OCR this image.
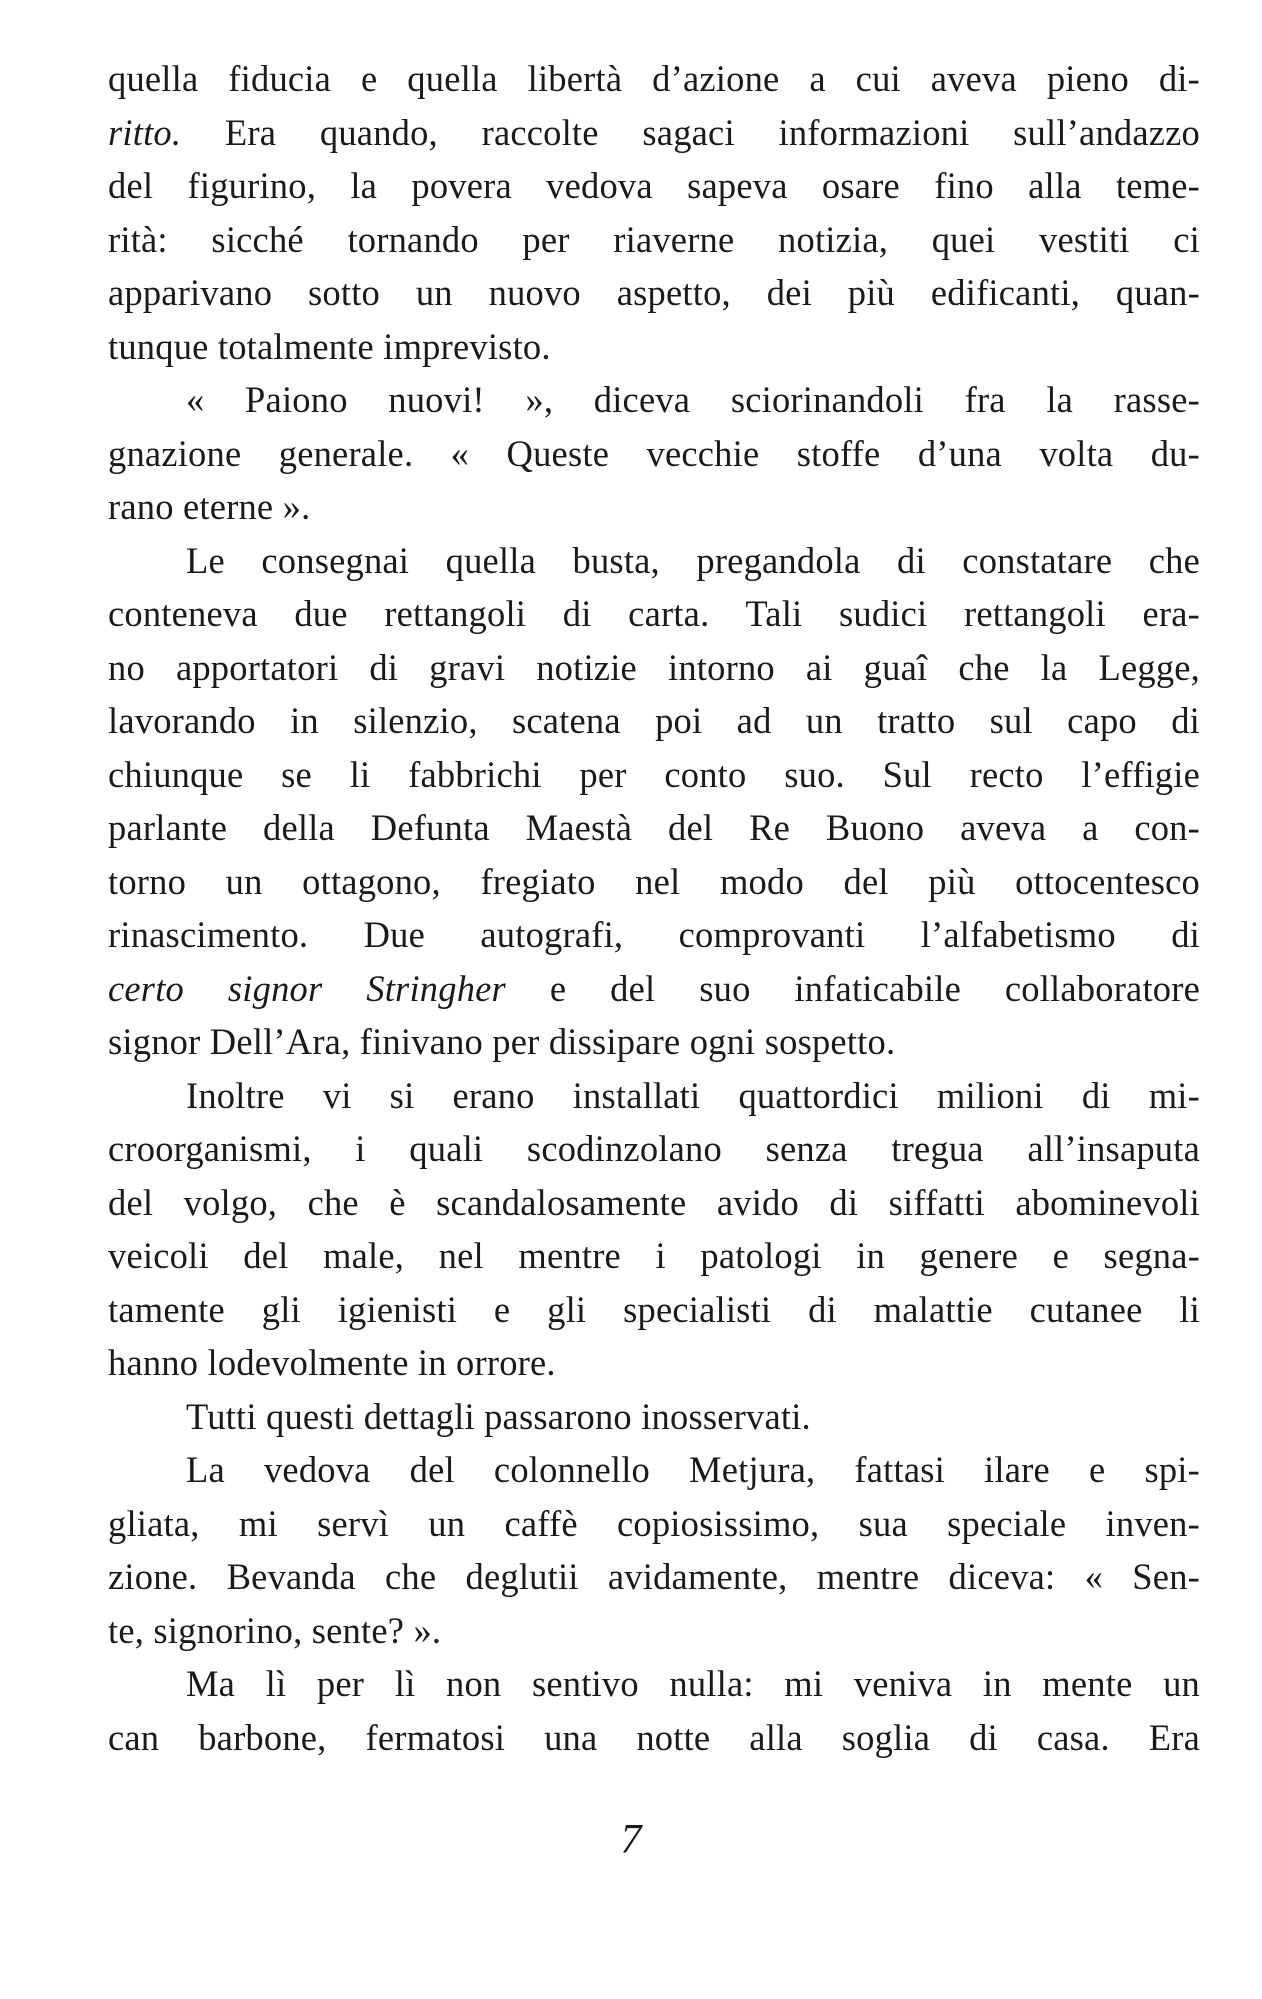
quella fiducia e quella libertà d’azione a cui aveva pieno di-
ritto. Era quando, raccolte sagaci informazioni sull’andazzo
del figurino, la povera vedova sapeva osare fino alla teme-
rità: sicché tornando per riaverne notizia, quei vestiti ci
apparivano sotto un nuovo aspetto, dei più edificanti, quan-
tunque totalmente imprevisto.
« Paiono nuovi! », diceva sciorinandoli fra la rasse-
gnazione generale. « Queste vecchie stoffe d’una volta du-
rano eterne ».
Le consegnai quella busta, pregandola di constatare che
conteneva due rettangoli di carta. Tali sudici rettangoli era-
no apportatori di gravi notizie intorno ai guaî che la Legge,
lavorando in silenzio, scatena poi ad un tratto sul capo di
chiunque se li fabbrichi per conto suo. Sul recto l’effigie
parlante della Defunta Maestà del Re Buono aveva a con-
torno un ottagono, fregiato nel modo del più ottocentesco
rinascimento. Due autografi, comprovanti l’alfabetismo di
certo signor Stringher e del suo infaticabile collaboratore
signor Dell’Ara, finivano per dissipare ogni sospetto.
Inoltre vi si erano installati quattordici milioni di mi-
croorganismi, i quali scodinzolano senza tregua all’insaputa
del volgo, che è scandalosamente avido di siffatti abominevoli
veicoli del male, nel mentre i patologi in genere e segna-
tamente gli igienisti e gli specialisti di malattie cutanee li
hanno lodevolmente in orrore.
Tutti questi dettagli passarono inosservati.
La vedova del colonnello Metjura, fattasi ilare e spi-
gliata, mi servì un caffè copiosissimo, sua speciale inven-
zione. Bevanda che deglutii avidamente, mentre diceva: « Sen-
te, signorino, sente? ».
Ma lì per lì non sentivo nulla: mi veniva in mente un
can barbone, fermatosi una notte alla soglia di casa. Era
7
